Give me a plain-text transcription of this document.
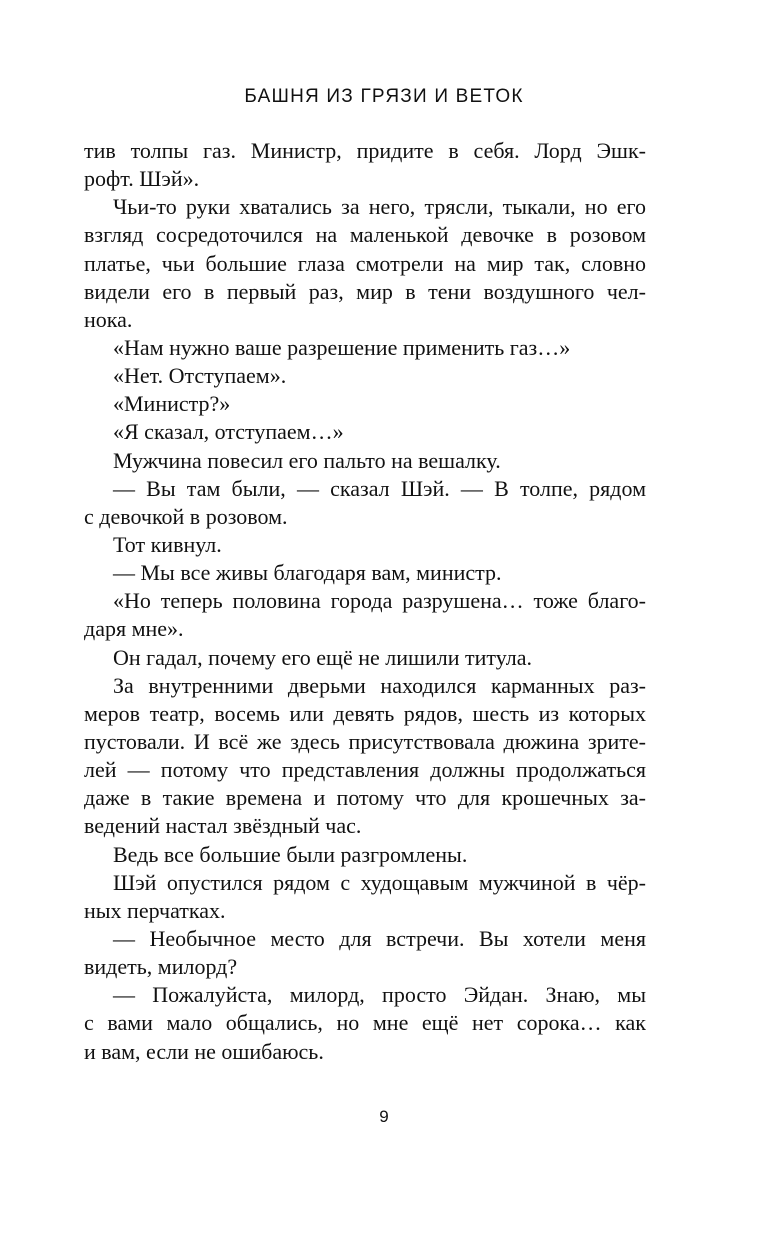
БАШНЯ ИЗ ГРЯЗИ И ВЕТОК
тив толпы газ. Министр, придите в себя. Лорд Эшк-
рофт. Шэй».
Чьи-то руки хватались за него, трясли, тыкали, но его
взгляд сосредоточился на маленькой девочке в розовом
платье, чьи большие глаза смотрели на мир так, словно
видели его в первый раз, мир в тени воздушного чел-
нока.
«Нам нужно ваше разрешение применить газ…»
«Нет. Отступаем».
«Министр?»
«Я сказал, отступаем…»
Мужчина повесил его пальто на вешалку.
— Вы там были, — сказал Шэй. — В толпе, рядом
с девочкой в розовом.
Тот кивнул.
— Мы все живы благодаря вам, министр.
«Но теперь половина города разрушена… тоже благо-
даря мне».
Он гадал, почему его ещё не лишили титула.
За внутренними дверьми находился карманных раз-
меров театр, восемь или девять рядов, шесть из которых
пустовали. И всё же здесь присутствовала дюжина зрите-
лей — потому что представления должны продолжаться
даже в такие времена и потому что для крошечных за-
ведений настал звёздный час.
Ведь все большие были разгромлены.
Шэй опустился рядом с худощавым мужчиной в чёр-
ных перчатках.
— Необычное место для встречи. Вы хотели меня
видеть, милорд?
— Пожалуйста, милорд, просто Эйдан. Знаю, мы
с вами мало общались, но мне ещё нет сорока… как
и вам, если не ошибаюсь.
9
